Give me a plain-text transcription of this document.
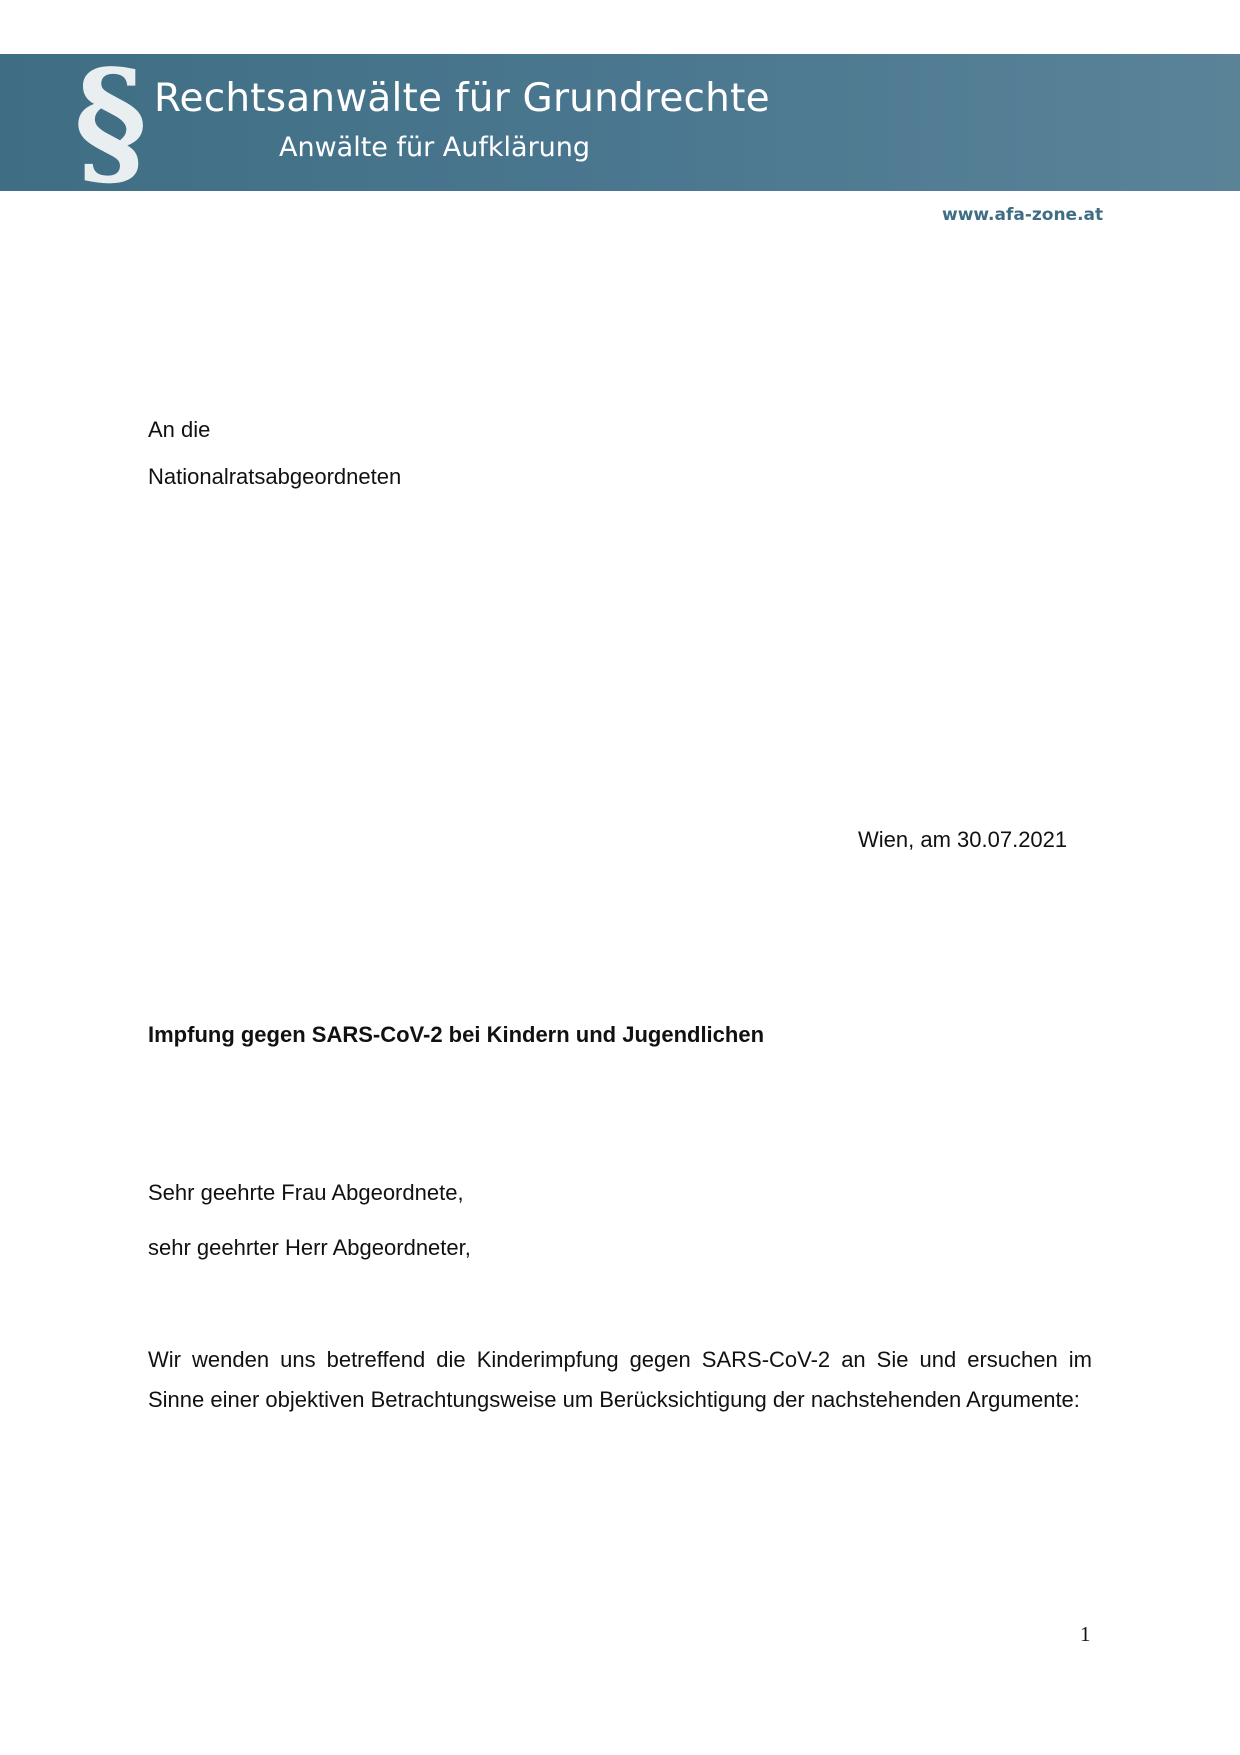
§ Rechtsanwälte für Grundrechte
Anwälte für Aufklärung
www.afa-zone.at
An die
Nationalratsabgeordneten
Wien, am 30.07.2021
Impfung gegen SARS-CoV-2 bei Kindern und Jugendlichen
Sehr geehrte Frau Abgeordnete,
sehr geehrter Herr Abgeordneter,
Wir wenden uns betreffend die Kinderimpfung gegen SARS-CoV-2 an Sie und ersuchen im Sinne einer objektiven Betrachtungsweise um Berücksichtigung der nachstehenden Argumente:
1
